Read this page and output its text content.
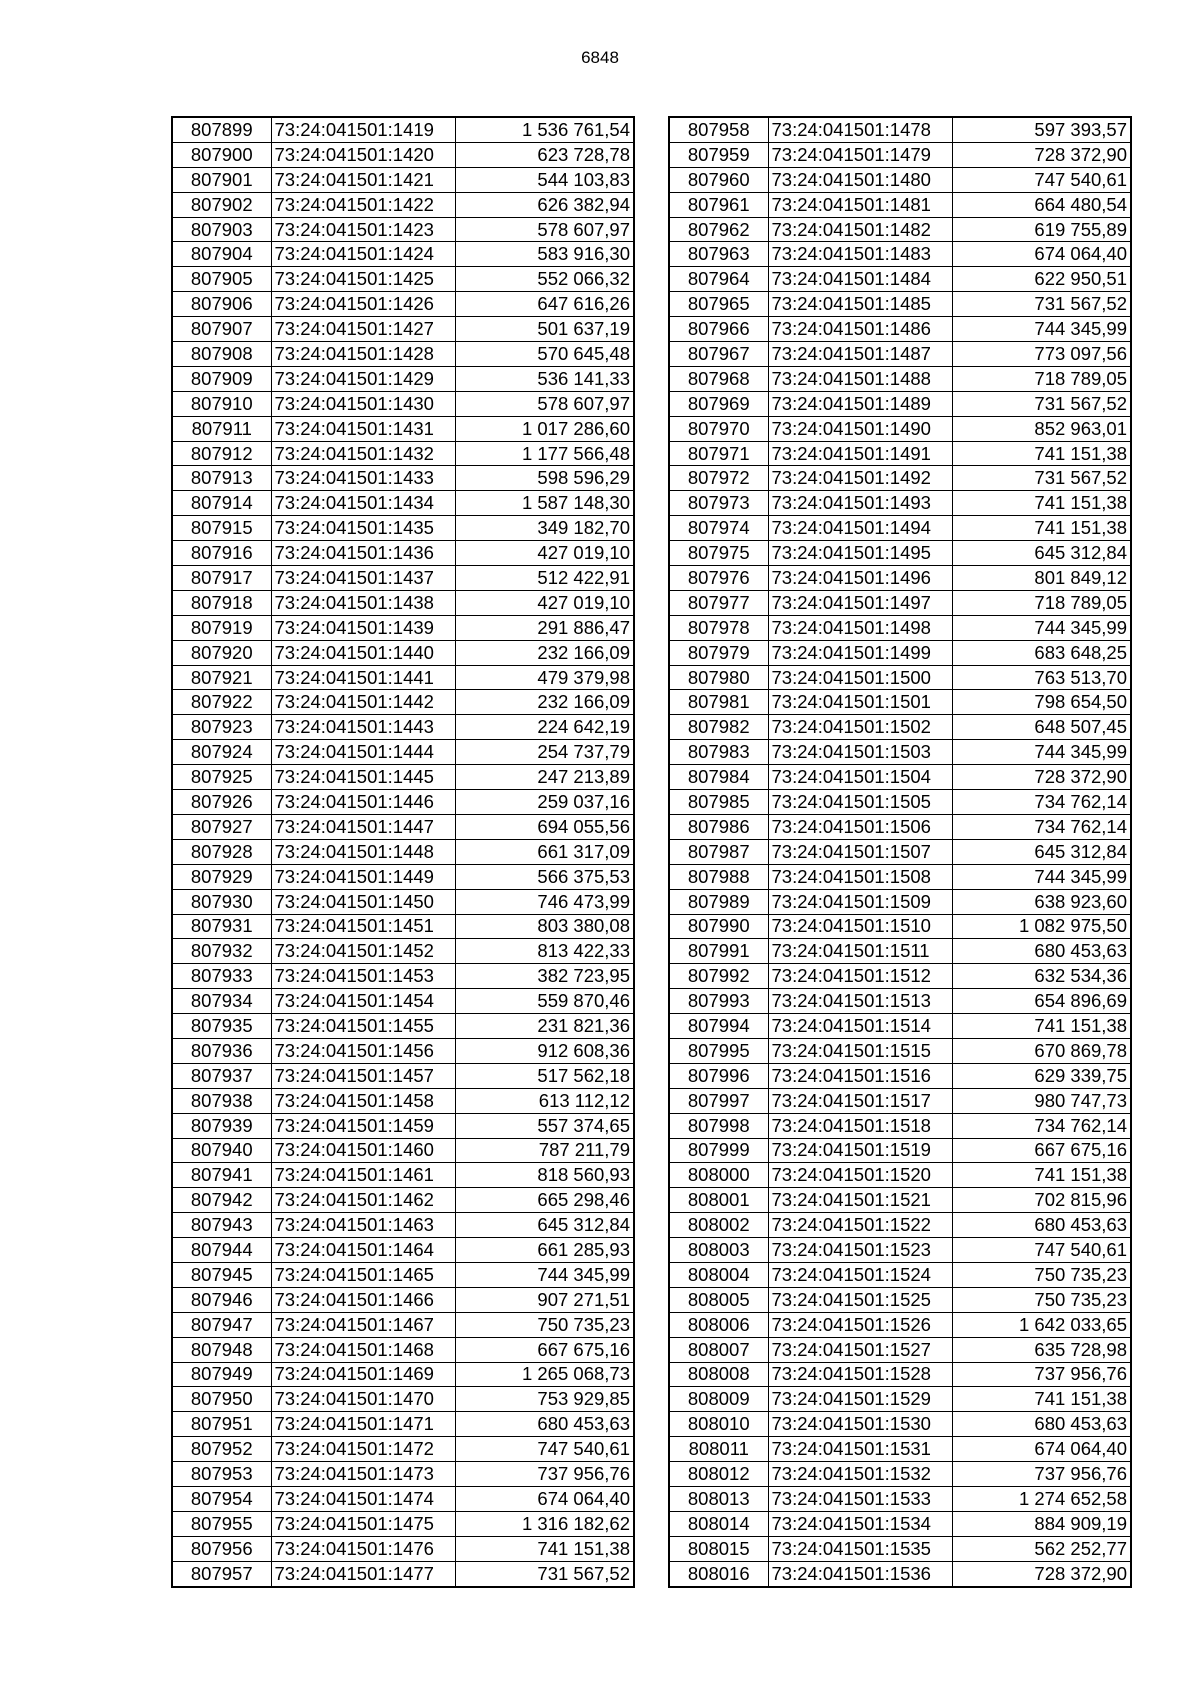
6848
807899	73:24:041501:1419	1 536 761,54
807900	73:24:041501:1420	623 728,78
807901	73:24:041501:1421	544 103,83
807902	73:24:041501:1422	626 382,94
807903	73:24:041501:1423	578 607,97
807904	73:24:041501:1424	583 916,30
807905	73:24:041501:1425	552 066,32
807906	73:24:041501:1426	647 616,26
807907	73:24:041501:1427	501 637,19
807908	73:24:041501:1428	570 645,48
807909	73:24:041501:1429	536 141,33
807910	73:24:041501:1430	578 607,97
807911	73:24:041501:1431	1 017 286,60
807912	73:24:041501:1432	1 177 566,48
807913	73:24:041501:1433	598 596,29
807914	73:24:041501:1434	1 587 148,30
807915	73:24:041501:1435	349 182,70
807916	73:24:041501:1436	427 019,10
807917	73:24:041501:1437	512 422,91
807918	73:24:041501:1438	427 019,10
807919	73:24:041501:1439	291 886,47
807920	73:24:041501:1440	232 166,09
807921	73:24:041501:1441	479 379,98
807922	73:24:041501:1442	232 166,09
807923	73:24:041501:1443	224 642,19
807924	73:24:041501:1444	254 737,79
807925	73:24:041501:1445	247 213,89
807926	73:24:041501:1446	259 037,16
807927	73:24:041501:1447	694 055,56
807928	73:24:041501:1448	661 317,09
807929	73:24:041501:1449	566 375,53
807930	73:24:041501:1450	746 473,99
807931	73:24:041501:1451	803 380,08
807932	73:24:041501:1452	813 422,33
807933	73:24:041501:1453	382 723,95
807934	73:24:041501:1454	559 870,46
807935	73:24:041501:1455	231 821,36
807936	73:24:041501:1456	912 608,36
807937	73:24:041501:1457	517 562,18
807938	73:24:041501:1458	613 112,12
807939	73:24:041501:1459	557 374,65
807940	73:24:041501:1460	787 211,79
807941	73:24:041501:1461	818 560,93
807942	73:24:041501:1462	665 298,46
807943	73:24:041501:1463	645 312,84
807944	73:24:041501:1464	661 285,93
807945	73:24:041501:1465	744 345,99
807946	73:24:041501:1466	907 271,51
807947	73:24:041501:1467	750 735,23
807948	73:24:041501:1468	667 675,16
807949	73:24:041501:1469	1 265 068,73
807950	73:24:041501:1470	753 929,85
807951	73:24:041501:1471	680 453,63
807952	73:24:041501:1472	747 540,61
807953	73:24:041501:1473	737 956,76
807954	73:24:041501:1474	674 064,40
807955	73:24:041501:1475	1 316 182,62
807956	73:24:041501:1476	741 151,38
807957	73:24:041501:1477	731 567,52
807958	73:24:041501:1478	597 393,57
807959	73:24:041501:1479	728 372,90
807960	73:24:041501:1480	747 540,61
807961	73:24:041501:1481	664 480,54
807962	73:24:041501:1482	619 755,89
807963	73:24:041501:1483	674 064,40
807964	73:24:041501:1484	622 950,51
807965	73:24:041501:1485	731 567,52
807966	73:24:041501:1486	744 345,99
807967	73:24:041501:1487	773 097,56
807968	73:24:041501:1488	718 789,05
807969	73:24:041501:1489	731 567,52
807970	73:24:041501:1490	852 963,01
807971	73:24:041501:1491	741 151,38
807972	73:24:041501:1492	731 567,52
807973	73:24:041501:1493	741 151,38
807974	73:24:041501:1494	741 151,38
807975	73:24:041501:1495	645 312,84
807976	73:24:041501:1496	801 849,12
807977	73:24:041501:1497	718 789,05
807978	73:24:041501:1498	744 345,99
807979	73:24:041501:1499	683 648,25
807980	73:24:041501:1500	763 513,70
807981	73:24:041501:1501	798 654,50
807982	73:24:041501:1502	648 507,45
807983	73:24:041501:1503	744 345,99
807984	73:24:041501:1504	728 372,90
807985	73:24:041501:1505	734 762,14
807986	73:24:041501:1506	734 762,14
807987	73:24:041501:1507	645 312,84
807988	73:24:041501:1508	744 345,99
807989	73:24:041501:1509	638 923,60
807990	73:24:041501:1510	1 082 975,50
807991	73:24:041501:1511	680 453,63
807992	73:24:041501:1512	632 534,36
807993	73:24:041501:1513	654 896,69
807994	73:24:041501:1514	741 151,38
807995	73:24:041501:1515	670 869,78
807996	73:24:041501:1516	629 339,75
807997	73:24:041501:1517	980 747,73
807998	73:24:041501:1518	734 762,14
807999	73:24:041501:1519	667 675,16
808000	73:24:041501:1520	741 151,38
808001	73:24:041501:1521	702 815,96
808002	73:24:041501:1522	680 453,63
808003	73:24:041501:1523	747 540,61
808004	73:24:041501:1524	750 735,23
808005	73:24:041501:1525	750 735,23
808006	73:24:041501:1526	1 642 033,65
808007	73:24:041501:1527	635 728,98
808008	73:24:041501:1528	737 956,76
808009	73:24:041501:1529	741 151,38
808010	73:24:041501:1530	680 453,63
808011	73:24:041501:1531	674 064,40
808012	73:24:041501:1532	737 956,76
808013	73:24:041501:1533	1 274 652,58
808014	73:24:041501:1534	884 909,19
808015	73:24:041501:1535	562 252,77
808016	73:24:041501:1536	728 372,90
